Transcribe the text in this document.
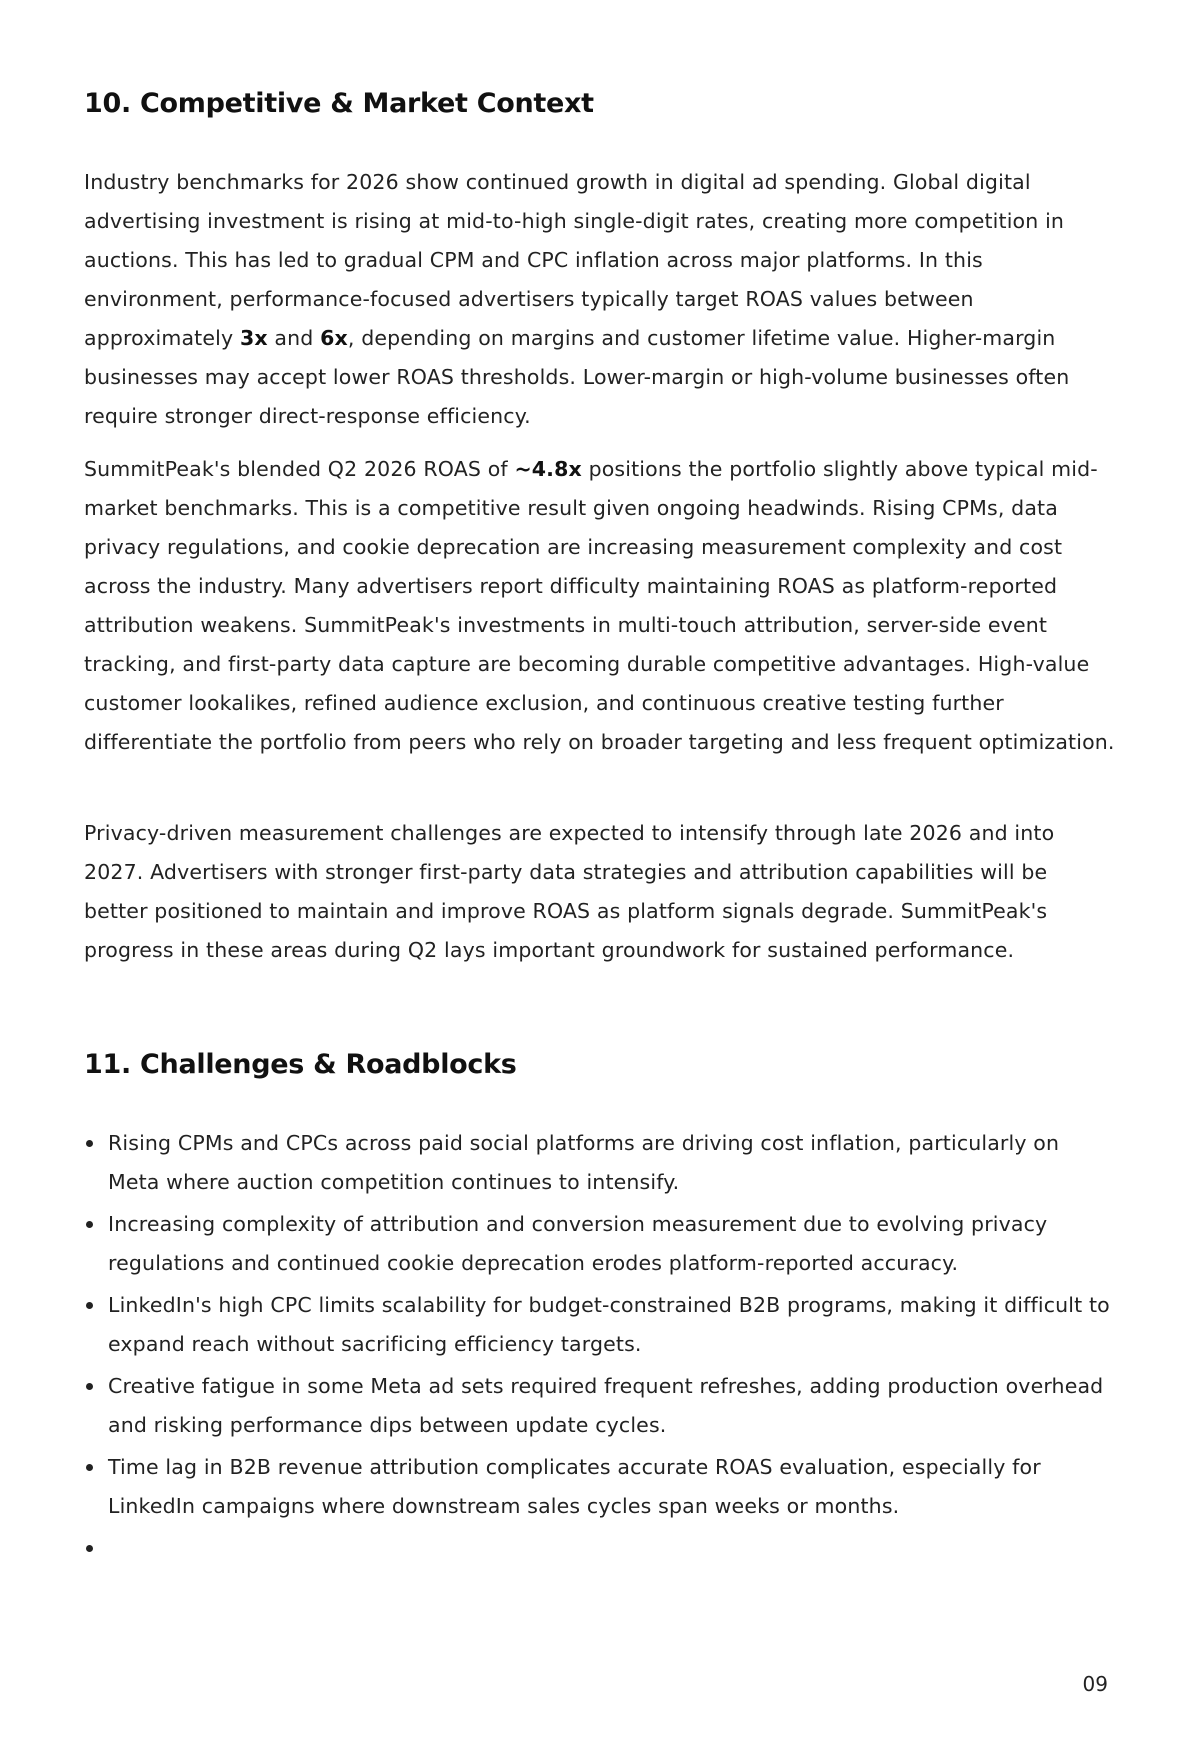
10. Competitive & Market Context

Industry benchmarks for 2026 show continued growth in digital ad spending. Global digital advertising investment is rising at mid-to-high single-digit rates, creating more competition in auctions. This has led to gradual CPM and CPC inflation across major platforms. In this environment, performance-focused advertisers typically target ROAS values between approximately 3x and 6x, depending on margins and customer lifetime value. Higher-margin businesses may accept lower ROAS thresholds. Lower-margin or high-volume businesses often require stronger direct-response efficiency.

SummitPeak's blended Q2 2026 ROAS of ~4.8x positions the portfolio slightly above typical mid-market benchmarks. This is a competitive result given ongoing headwinds. Rising CPMs, data privacy regulations, and cookie deprecation are increasing measurement complexity and cost across the industry. Many advertisers report difficulty maintaining ROAS as platform-reported attribution weakens. SummitPeak's investments in multi-touch attribution, server-side event tracking, and first-party data capture are becoming durable competitive advantages. High-value customer lookalikes, refined audience exclusion, and continuous creative testing further differentiate the portfolio from peers who rely on broader targeting and less frequent optimization.

Privacy-driven measurement challenges are expected to intensify through late 2026 and into 2027. Advertisers with stronger first-party data strategies and attribution capabilities will be better positioned to maintain and improve ROAS as platform signals degrade. SummitPeak's progress in these areas during Q2 lays important groundwork for sustained performance.

11. Challenges & Roadblocks
Rising CPMs and CPCs across paid social platforms are driving cost inflation, particularly on Meta where auction competition continues to intensify.
Increasing complexity of attribution and conversion measurement due to evolving privacy regulations and continued cookie deprecation erodes platform-reported accuracy.
LinkedIn's high CPC limits scalability for budget-constrained B2B programs, making it difficult to expand reach without sacrificing efficiency targets.
Creative fatigue in some Meta ad sets required frequent refreshes, adding production overhead and risking performance dips between update cycles.
Time lag in B2B revenue attribution complicates accurate ROAS evaluation, especially for LinkedIn campaigns where downstream sales cycles span weeks or months.
09
